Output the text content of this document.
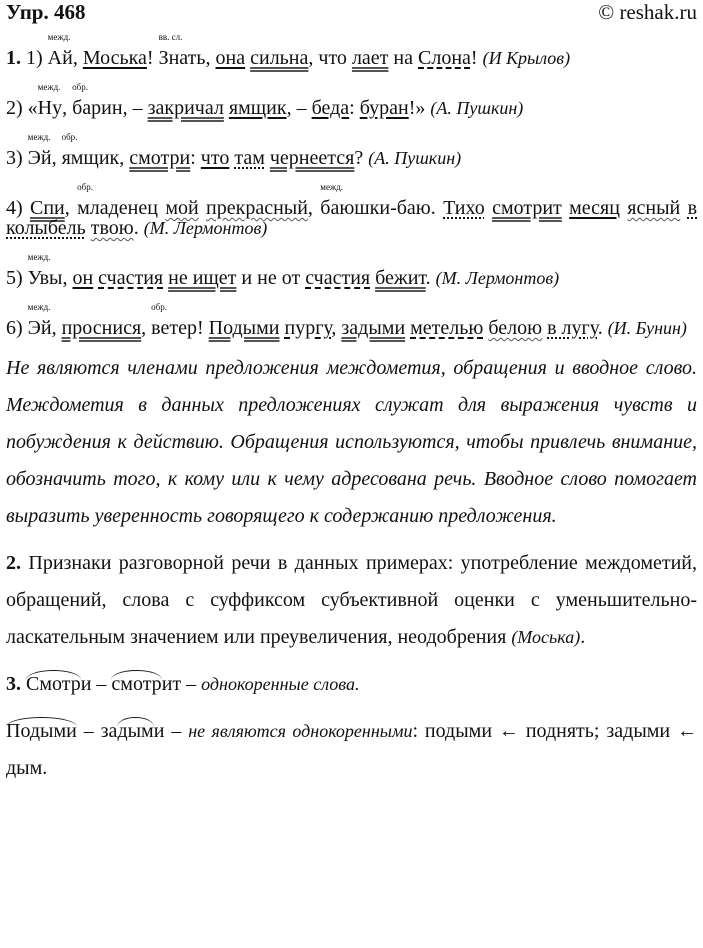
Упр. 468	© reshak.ru
1. 1) Ай
межд.
, Моська! Знать
вв. сл.
, она сильна, что лает на Слона! (И Крылов)
2) «Ну
межд.
, барин
обр.
, – закричал ямщик, – беда: буран!» (А. Пушкин)
3) Эй
межд.
, ямщик
обр.
, смотри: что там чернеется? (А. Пушкин)
4) Спи, младенец
обр.
мой прекрасный, баюшки-баю
межд.
. Тихо смотрит месяц ясный в колыбель твою. (М. Лермонтов)
5) Увы
межд.
, он счастия не ищет и не от счастия бежит. (М. Лермонтов)
6) Эй
межд.
, проснися, ветер
обр.
! Подыми пургу, задыми метелью белою в лугу. (И. Бунин)
Не являются членами предложения междометия, обращения и вводное слово. Междометия в данных предложениях служат для выражения чувств и побуждения к действию. Обращения используются, чтобы привлечь внимание, обозначить того, к кому или к чему адресована речь. Вводное слово помогает выразить уверенность говорящего к содержанию предложения.
2. Признаки разговорной речи в данных примерах: употребление междометий, обращений, слова с суффиксом субъективной оценки с уменьшительно-ласкательным значением или преувеличения, неодобрения (Моська).
3. Смотри – смотрит – однокоренные слова.
Подыми – задыми – не являются однокоренными: подыми ← поднять; задыми ← дым.
